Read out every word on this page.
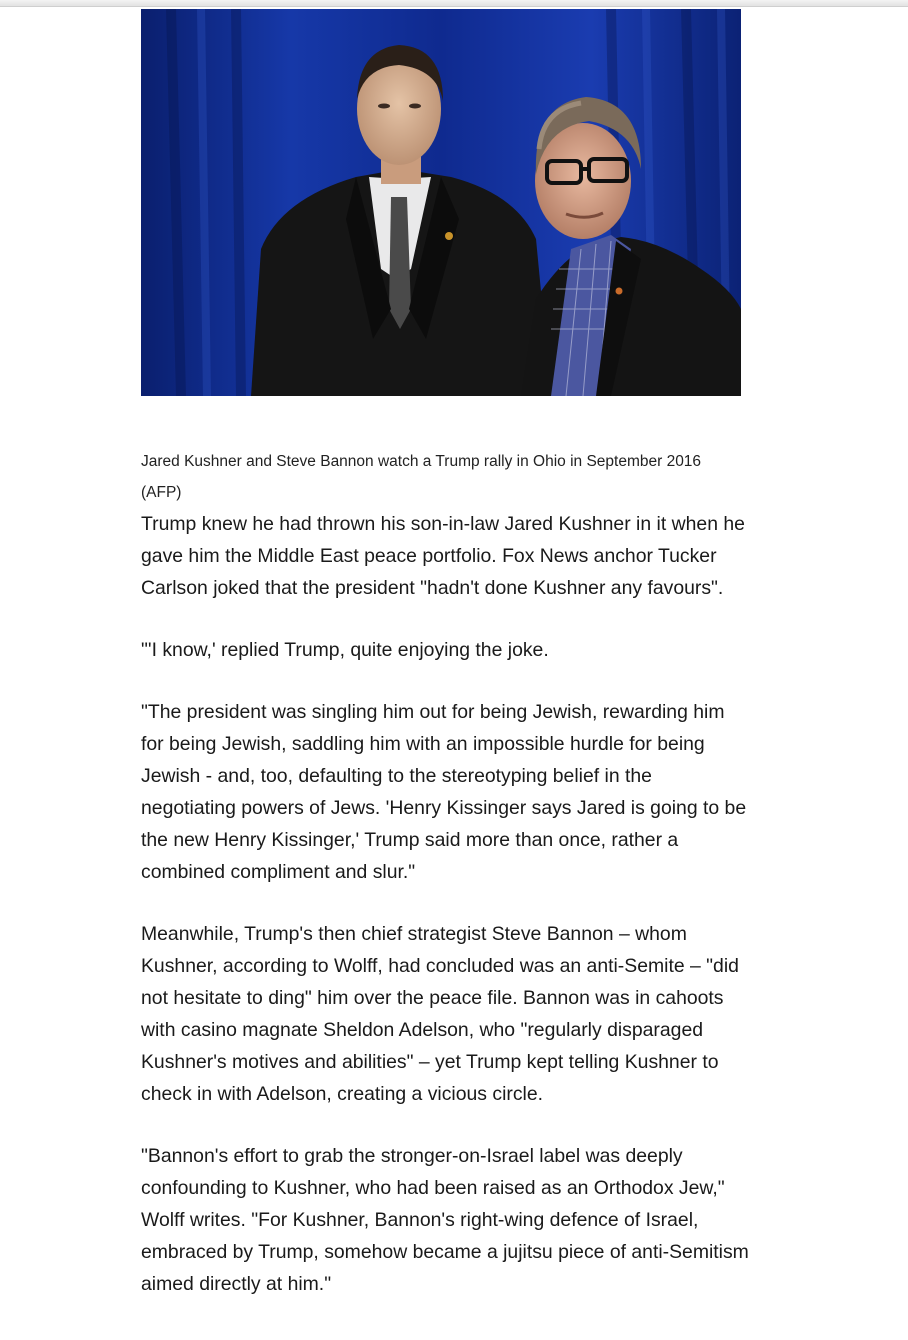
Jared Kushner and Steve Bannon watch a Trump rally in Ohio in September 2016 (AFP)

Trump knew he had thrown his son-in-law Jared Kushner in it when he gave him the Middle East peace portfolio. Fox News anchor Tucker Carlson joked that the president "hadn't done Kushner any favours".

"'I know,' replied Trump, quite enjoying the joke.

"The president was singling him out for being Jewish, rewarding him for being Jewish, saddling him with an impossible hurdle for being Jewish - and, too, defaulting to the stereotyping belief in the negotiating powers of Jews. 'Henry Kissinger says Jared is going to be the new Henry Kissinger,' Trump said more than once, rather a combined compliment and slur."

Meanwhile, Trump's then chief strategist Steve Bannon – whom Kushner, according to Wolff, had concluded was an anti-Semite – "did not hesitate to ding" him over the peace file. Bannon was in cahoots with casino magnate Sheldon Adelson, who "regularly disparaged Kushner's motives and abilities" – yet Trump kept telling Kushner to check in with Adelson, creating a vicious circle.

"Bannon's effort to grab the stronger-on-Israel label was deeply confounding to Kushner, who had been raised as an Orthodox Jew," Wolff writes. "For Kushner, Bannon's right-wing defence of Israel, embraced by Trump, somehow became a jujitsu piece of anti-Semitism aimed directly at him."
